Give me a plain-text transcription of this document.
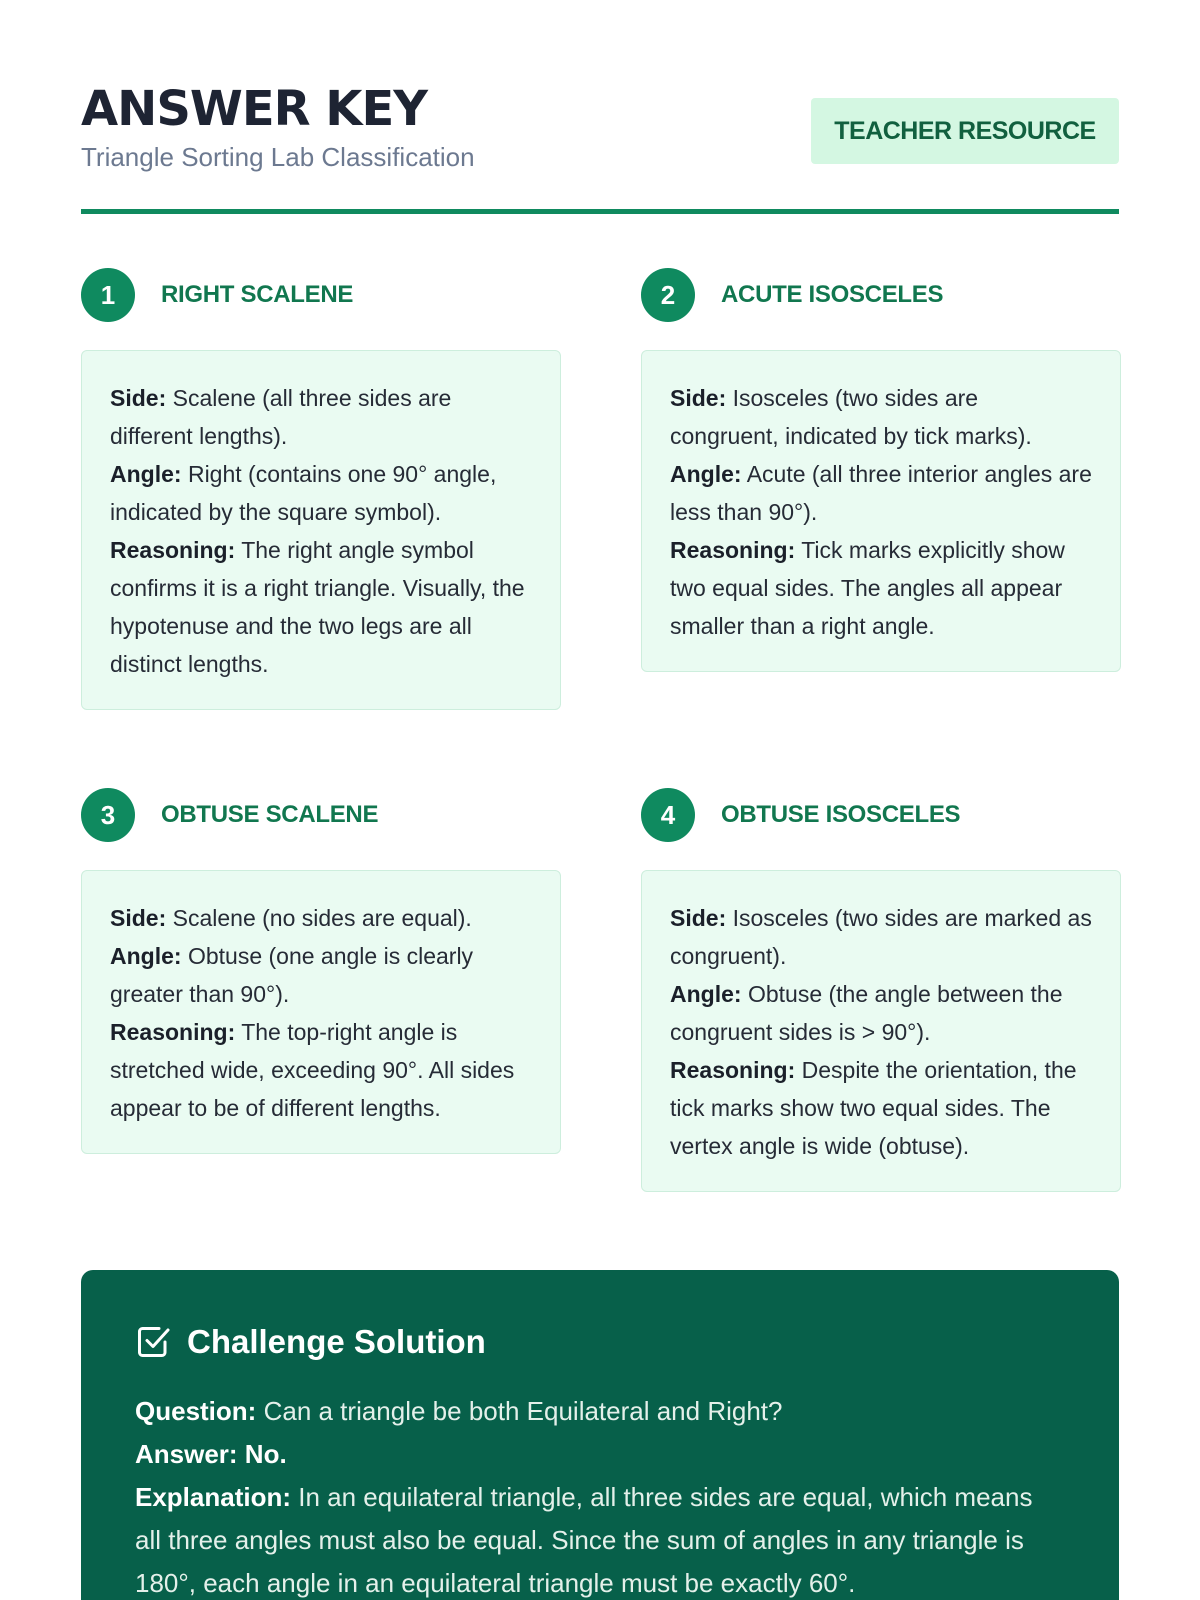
ANSWER KEY
Triangle Sorting Lab Classification
TEACHER RESOURCE
1	RIGHT SCALENE

Side: Scalene (all three sides are different lengths).

Angle: Right (contains one 90° angle, indicated by the square symbol).

Reasoning: The right angle symbol confirms it is a right triangle. Visually, the hypotenuse and the two legs are all distinct lengths.

2	ACUTE ISOSCELES

Side: Isosceles (two sides are congruent, indicated by tick marks).

Angle: Acute (all three interior angles are less than 90°).

Reasoning: Tick marks explicitly show two equal sides. The angles all appear smaller than a right angle.

3	OBTUSE SCALENE

Side: Scalene (no sides are equal).

Angle: Obtuse (one angle is clearly greater than 90°).

Reasoning: The top-right angle is stretched wide, exceeding 90°. All sides appear to be of different lengths.

4	OBTUSE ISOSCELES

Side: Isosceles (two sides are marked as congruent).

Angle: Obtuse (the angle between the congruent sides is > 90°).

Reasoning: Despite the orientation, the tick marks show two equal sides. The vertex angle is wide (obtuse).

Challenge Solution

Question: Can a triangle be both Equilateral and Right?

Answer: No.

Explanation: In an equilateral triangle, all three sides are equal, which means all three angles must also be equal. Since the sum of angles in any triangle is 180°, each angle in an equilateral triangle must be exactly 60°.
